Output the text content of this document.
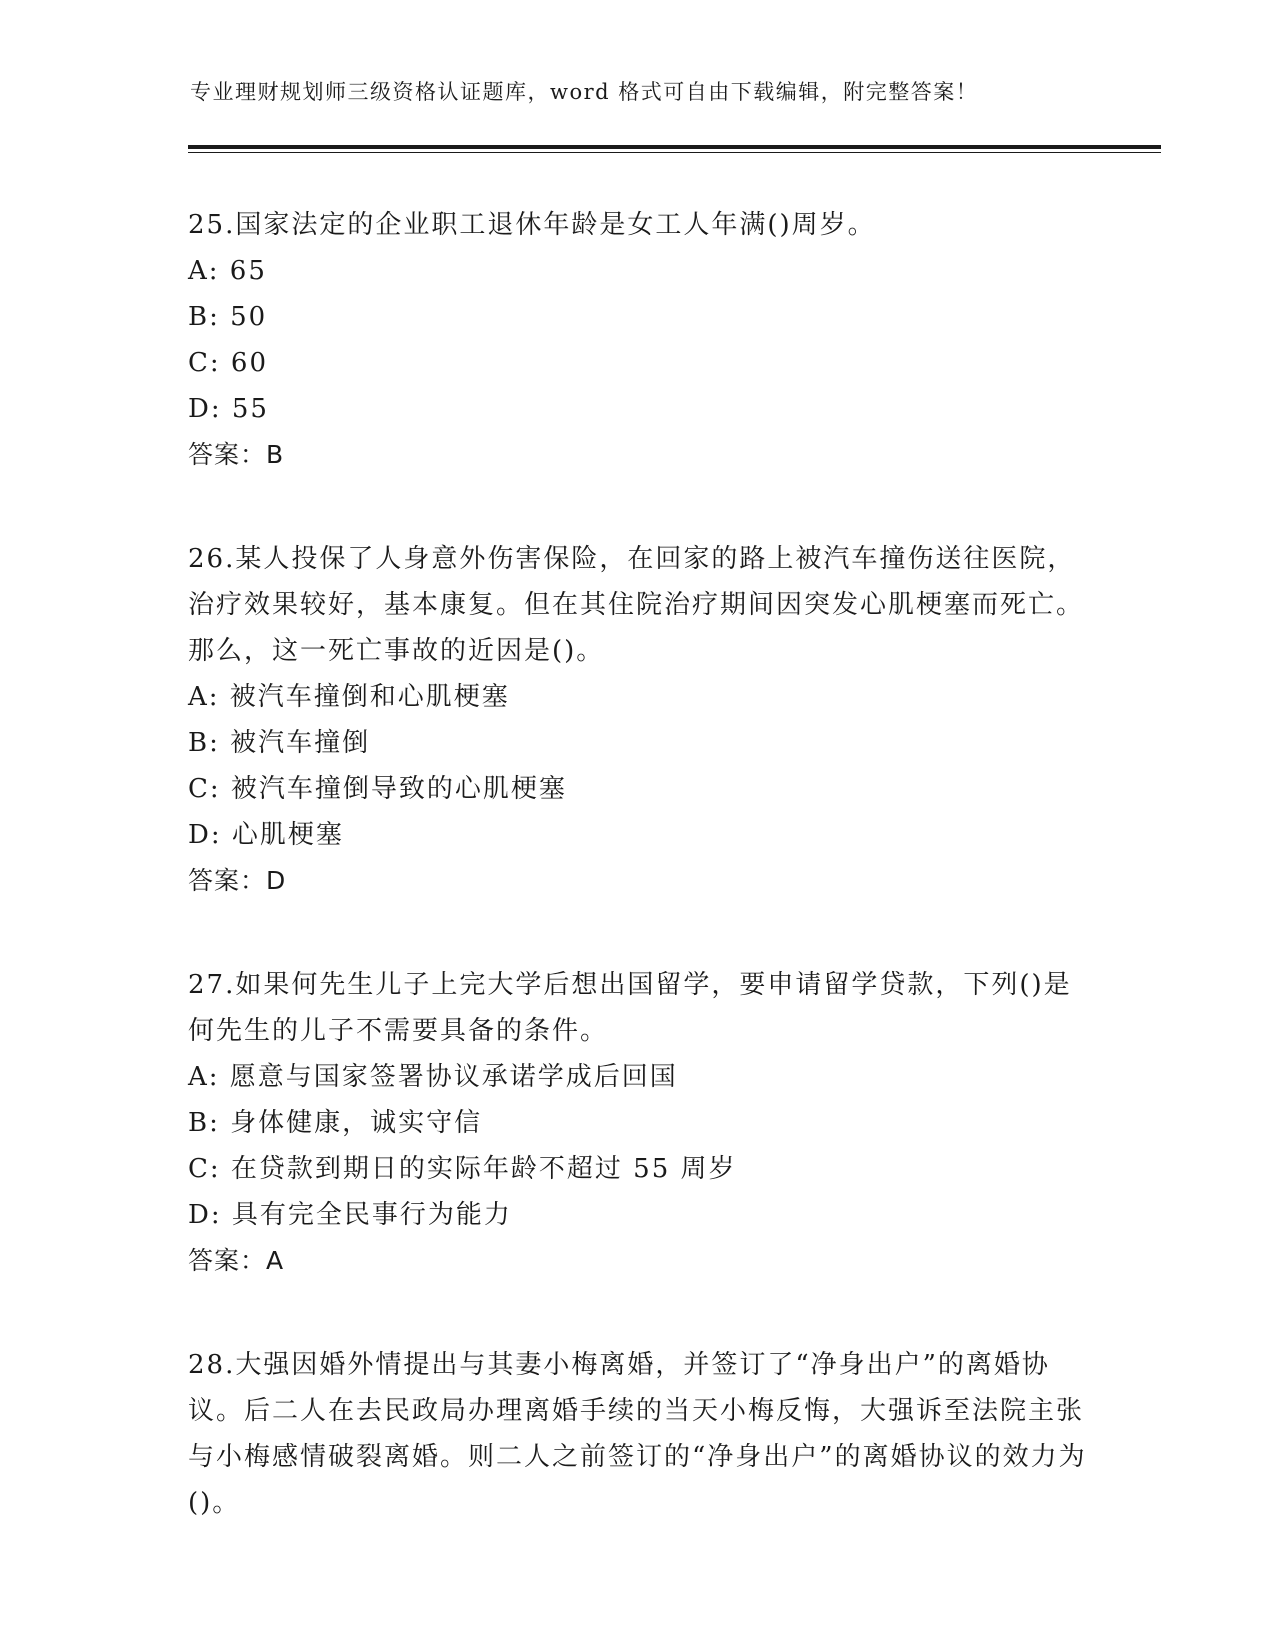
专业理财规划师三级资格认证题库，word 格式可自由下载编辑，附完整答案！
25.国家法定的企业职工退休年龄是女工人年满()周岁。
A: 65
B: 50
C: 60
D: 55
答案：B
26.某人投保了人身意外伤害保险，在回家的路上被汽车撞伤送往医院，治疗效果较好，基本康复。但在其住院治疗期间因突发心肌梗塞而死亡。那么，这一死亡事故的近因是()。
A: 被汽车撞倒和心肌梗塞
B: 被汽车撞倒
C: 被汽车撞倒导致的心肌梗塞
D: 心肌梗塞
答案：D
27.如果何先生儿子上完大学后想出国留学，要申请留学贷款，下列()是何先生的儿子不需要具备的条件。
A: 愿意与国家签署协议承诺学成后回国
B: 身体健康，诚实守信
C: 在贷款到期日的实际年龄不超过 55 周岁
D: 具有完全民事行为能力
答案：A
28.大强因婚外情提出与其妻小梅离婚，并签订了“净身出户”的离婚协议。后二人在去民政局办理离婚手续的当天小梅反悔，大强诉至法院主张与小梅感情破裂离婚。则二人之前签订的“净身出户”的离婚协议的效力为()。
